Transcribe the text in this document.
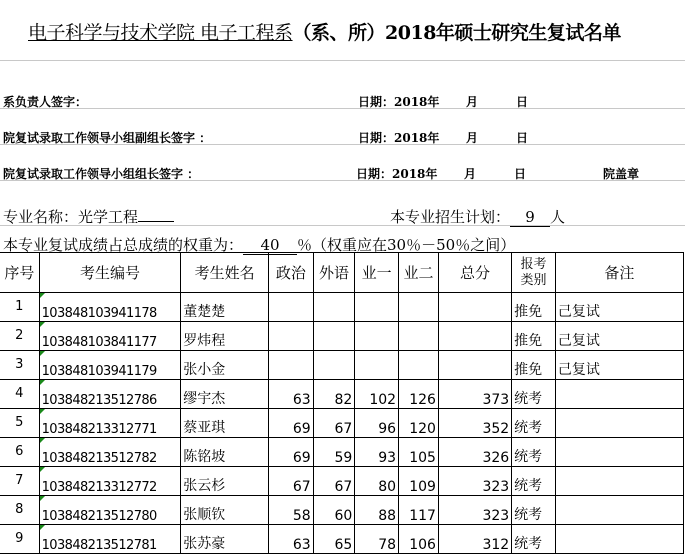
电子科学与技术学院 电子工程系（系、所）2018年硕士研究生复试名单
系负责人签字：	日期：2018年 月	日
院复试录取工作领导小组副组长签字 ：	日期：2018年 月	日
院复试录取工作领导小组组长签字 ：	日期：2018年 月	日	院盖章
专业名称：光学工程	本专业招生计划： 9 人
本专业复试成绩占总成绩的权重为： 40 ％（权重应在30％－50％之间）
序号	考生编号	考生姓名	政治	外语	业一	业二	总分	报考类别	备注
1	103848103941178	董楚楚						推免	己复试
2	103848103841177	罗炜程						推免	己复试
3	103848103941179	张小金						推免	己复试
4	103848213512786	缪宇杰	63	82	102	126	373	统考	
5	103848213312771	蔡亚琪	69	67	96	120	352	统考	
6	103848213512782	陈铭坡	69	59	93	105	326	统考	
7	103848213312772	张云杉	67	67	80	109	323	统考	
8	103848213512780	张顺钦	58	60	88	117	323	统考	
9	103848213512781	张苏豪	63	65	78	106	312	统考	
